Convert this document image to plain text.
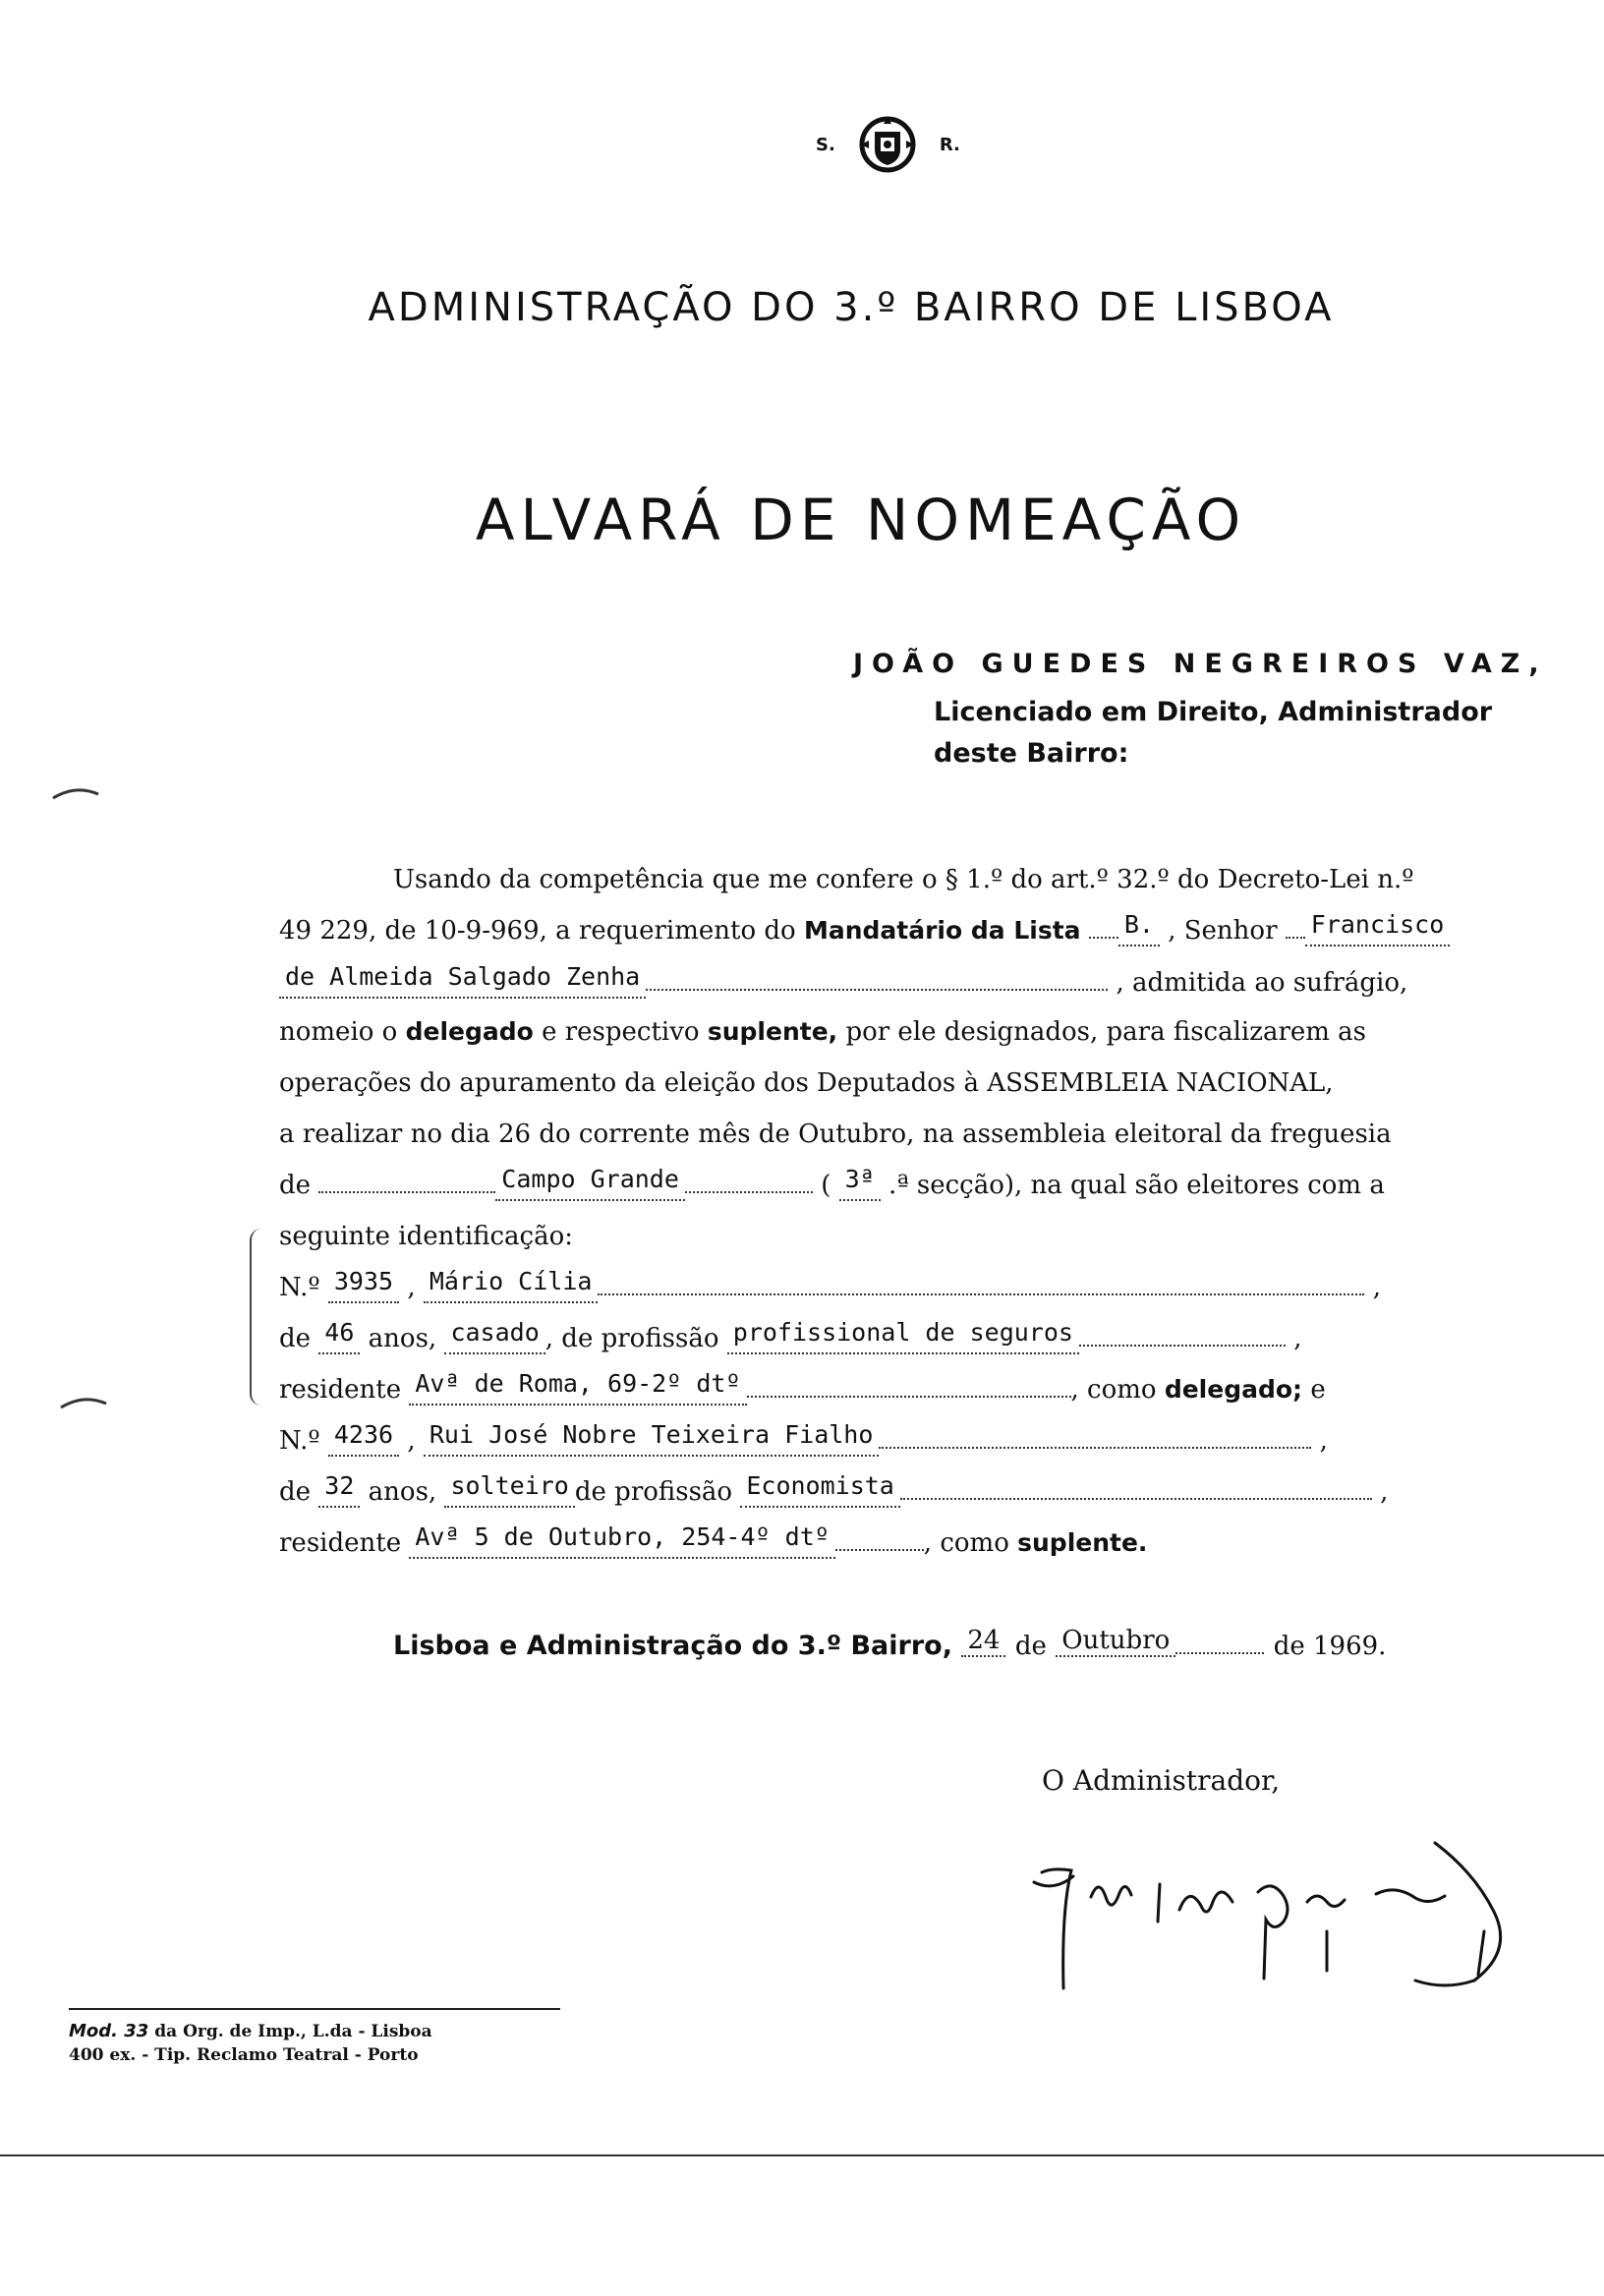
S.	R.
ADMINISTRAÇÃO DO 3.º BAIRRO DE LISBOA
ALVARÁ DE NOMEAÇÃO
JOÃO GUEDES NEGREIROS VAZ,
Licenciado em Direito, Administrador
deste Bairro:
Usando da competência que me confere o § 1.º do art.º 32.º do Decreto-Lei n.º
49 229, de 10-9-969, a requerimento do Mandatário da Lista B. , Senhor Francisco
de Almeida Salgado Zenha	, admitida ao sufrágio,
nomeio o delegado e respectivo suplente, por ele designados, para fiscalizarem as
operações do apuramento da eleição dos Deputados à ASSEMBLEIA NACIONAL,
a realizar no dia 26 do corrente mês de Outubro, na assembleia eleitoral da freguesia
de	Campo Grande	( 3ª .ª secção), na qual são eleitores com a
seguinte identificação:
N.º 3935 , Mário Cília	,
de 46 anos, casado , de profissão profissional de seguros	,
residente Avª de Roma, 69-2º dtº	, como delegado; e
N.º 4236 , Rui José Nobre Teixeira Fialho	,
de 32 anos, solteiro de profissão Economista	,
residente Avª 5 de Outubro, 254-4º dtº	, como suplente.
Lisboa e Administração do 3.º Bairro, 24 de Outubro	de 1969.
O Administrador,
Mod. 33 da Org. de Imp., L.da - Lisboa
400 ex. - Tip. Reclamo Teatral - Porto
